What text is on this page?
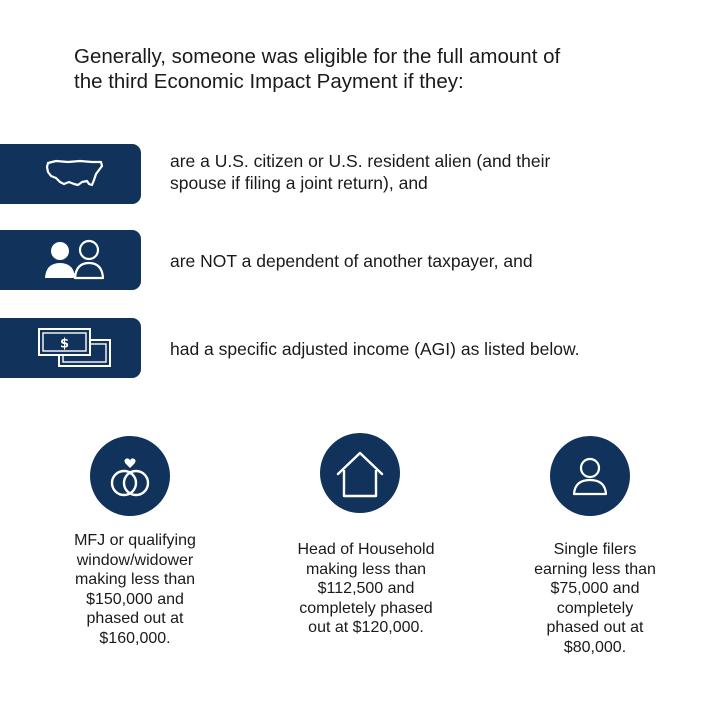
Generally, someone was eligible for the full amount of
the third Economic Impact Payment if they:
are a U.S. citizen or U.S. resident alien (and their
spouse if filing a joint return), and
are NOT a dependent of another taxpayer, and
$	had a specific adjusted income (AGI) as listed below.
MFJ or qualifying
window/widower
making less than
$150,000 and
phased out at
$160,000.
Head of Household
making less than
$112,500 and
completely phased
out at $120,000.
Single filers
earning less than
$75,000 and
completely
phased out at
$80,000.
